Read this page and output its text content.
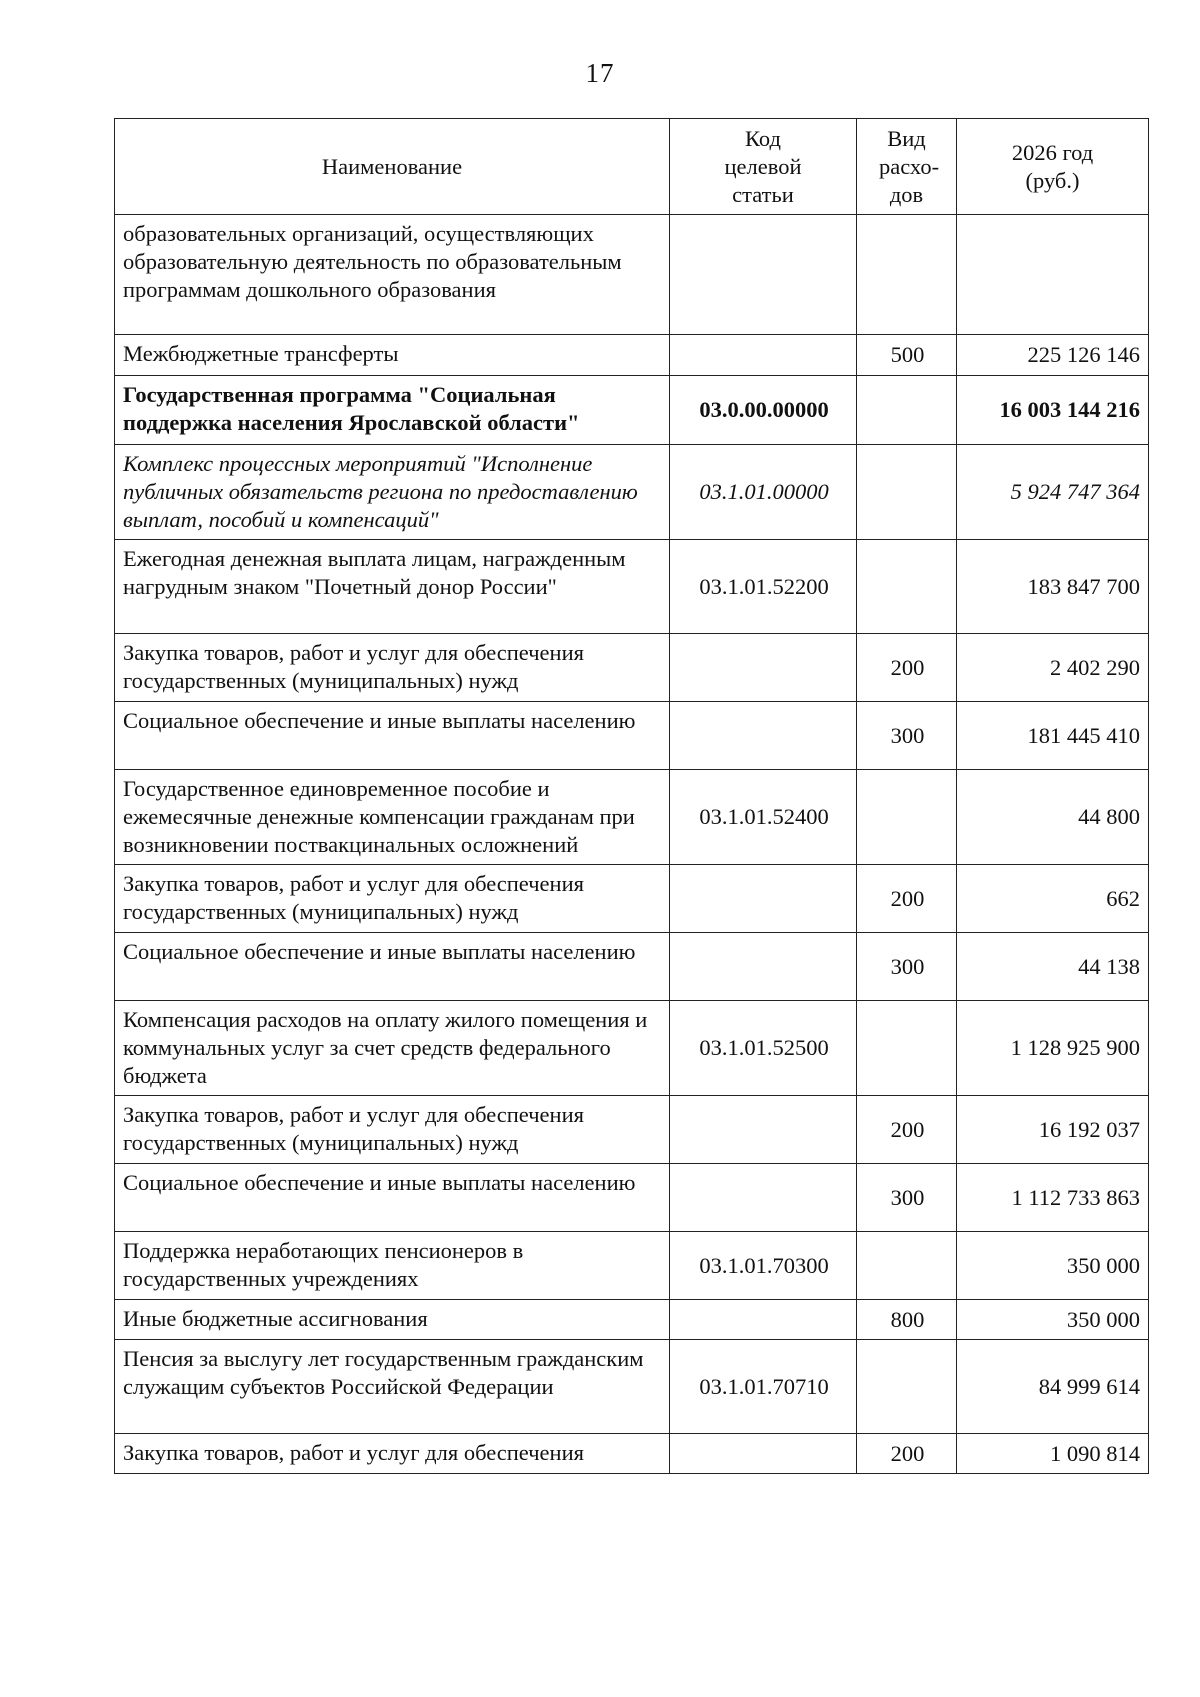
17
Наименование	Код целевой статьи	Вид расхо-дов	2026 год (руб.)
образовательных организаций, осуществляющих образовательную деятельность по образовательным программам дошкольного образования			
Межбюджетные трансферты		500	225 126 146
Государственная программа "Социальная поддержка населения Ярославской области"	03.0.00.00000		16 003 144 216
Комплекс процессных мероприятий "Исполнение публичных обязательств региона по предоставлению выплат, пособий и компенсаций"	03.1.01.00000		5 924 747 364
Ежегодная денежная выплата лицам, награжденным нагрудным знаком "Почетный донор России"	03.1.01.52200		183 847 700
Закупка товаров, работ и услуг для обеспечения государственных (муниципальных) нужд		200	2 402 290
Социальное обеспечение и иные выплаты населению		300	181 445 410
Государственное единовременное пособие и ежемесячные денежные компенсации гражданам при возникновении поствакцинальных осложнений	03.1.01.52400		44 800
Закупка товаров, работ и услуг для обеспечения государственных (муниципальных) нужд		200	662
Социальное обеспечение и иные выплаты населению		300	44 138
Компенсация расходов на оплату жилого помещения и коммунальных услуг за счет средств федерального бюджета	03.1.01.52500		1 128 925 900
Закупка товаров, работ и услуг для обеспечения государственных (муниципальных) нужд		200	16 192 037
Социальное обеспечение и иные выплаты населению		300	1 112 733 863
Поддержка неработающих пенсионеров в государственных учреждениях	03.1.01.70300		350 000
Иные бюджетные ассигнования		800	350 000
Пенсия за выслугу лет государственным гражданским служащим субъектов Российской Федерации	03.1.01.70710		84 999 614
Закупка товаров, работ и услуг для обеспечения		200	1 090 814
